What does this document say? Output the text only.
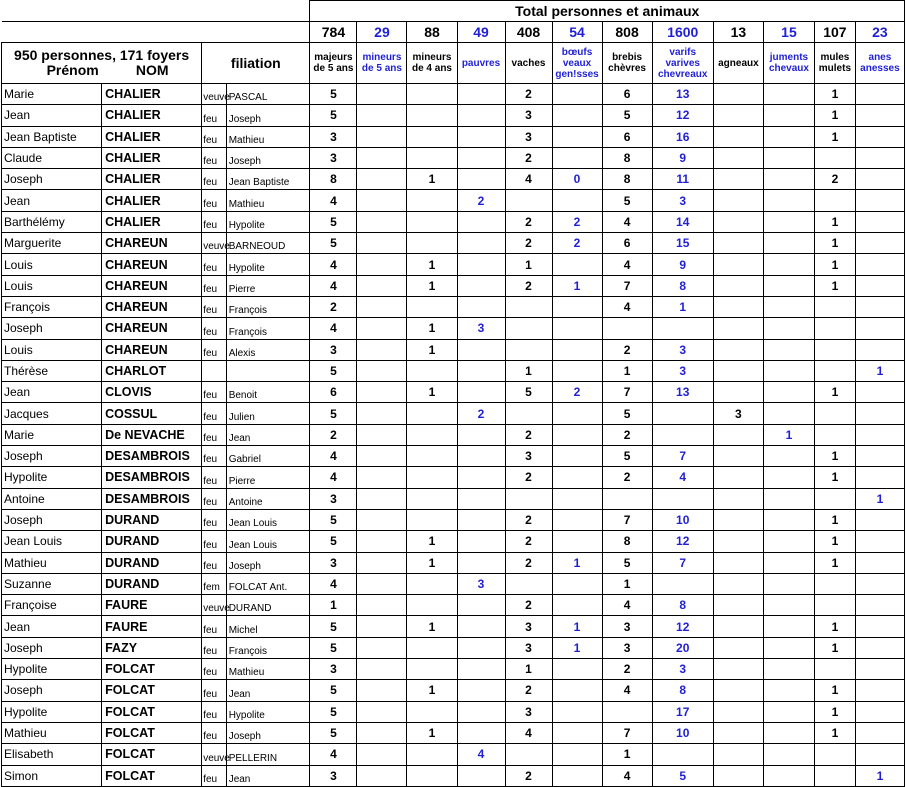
				Total personnes et animaux											
				784	29	88	49	408	54	808	1600	13	15	107	23

950 personnes, 171 foyers
Prénom NOM		filiation		majeurs de 5 ans	mineurs de 5 ans	mineurs de 4 ans	pauvres	vaches	bœufs veaux gen!sses	brebis chèvres	varifs varives chevreaux	agneaux	juments chevaux	mules mulets	anes anesses
Marie	CHALIER	veuve	PASCAL	5				2		6	13			1	
Jean	CHALIER	feu	Joseph	5				3		5	12			1	
Jean Baptiste	CHALIER	feu	Mathieu	3				3		6	16			1	
Claude	CHALIER	feu	Joseph	3				2		8	9				
Joseph	CHALIER	feu	Jean Baptiste	8		1		4	0	8	11			2	
Jean	CHALIER	feu	Mathieu	4			2			5	3				
Barthélémy	CHALIER	feu	Hypolite	5				2	2	4	14			1	
Marguerite	CHAREUN	veuve	BARNEOUD	5				2	2	6	15			1	
Louis	CHAREUN	feu	Hypolite	4		1		1		4	9			1	
Louis	CHAREUN	feu	Pierre	4		1		2	1	7	8			1	
François	CHAREUN	feu	François	2						4	1				
Joseph	CHAREUN	feu	François	4		1	3								
Louis	CHAREUN	feu	Alexis	3		1				2	3				
Thérèse	CHARLOT			5				1		1	3				1
Jean	CLOVIS	feu	Benoit	6		1		5	2	7	13			1	
Jacques	COSSUL	feu	Julien	5			2			5		3			
Marie	De NEVACHE	feu	Jean	2				2		2			1		
Joseph	DESAMBROIS	feu	Gabriel	4				3		5	7			1	
Hypolite	DESAMBROIS	feu	Pierre	4				2		2	4			1	
Antoine	DESAMBROIS	feu	Antoine	3											1
Joseph	DURAND	feu	Jean Louis	5				2		7	10			1	
Jean Louis	DURAND	feu	Jean Louis	5		1		2		8	12			1	
Mathieu	DURAND	feu	Joseph	3		1		2	1	5	7			1	
Suzanne	DURAND	fem	FOLCAT Ant.	4			3			1					
Françoise	FAURE	veuve	DURAND	1				2		4	8				
Jean	FAURE	feu	Michel	5		1		3	1	3	12			1	
Joseph	FAZY	feu	François	5				3	1	3	20			1	
Hypolite	FOLCAT	feu	Mathieu	3				1		2	3				
Joseph	FOLCAT	feu	Jean	5		1		2		4	8			1	
Hypolite	FOLCAT	feu	Hypolite	5				3			17			1	
Mathieu	FOLCAT	feu	Joseph	5		1		4		7	10			1	
Elisabeth	FOLCAT	veuve	PELLERIN	4			4			1					
Simon	FOLCAT	feu	Jean	3				2		4	5				1
